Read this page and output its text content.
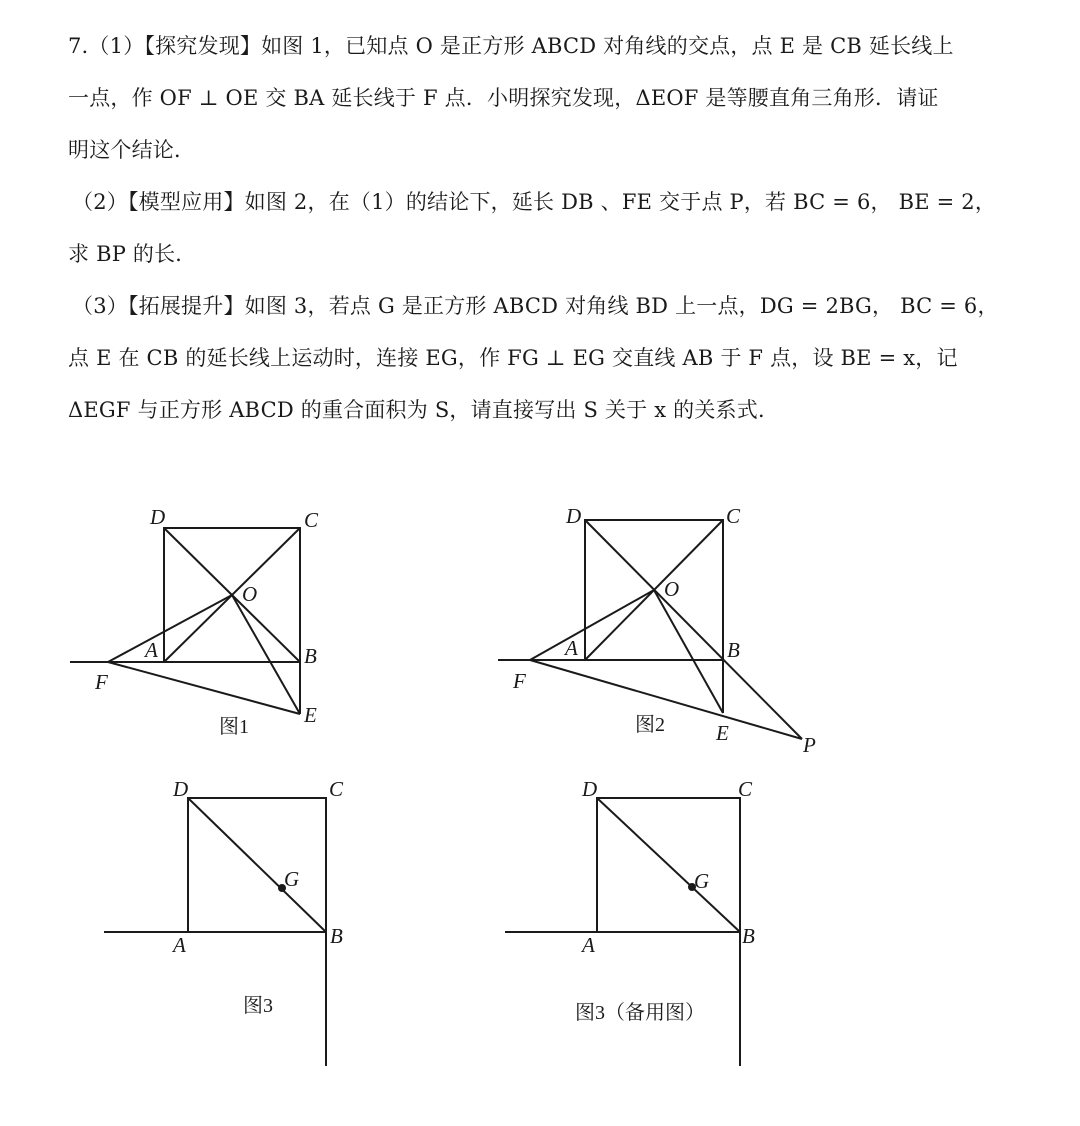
7.（1）【探究发现】如图 1，已知点 O 是正方形 ABCD 对角线的交点，点 E 是 CB 延长线上
一点，作 OF ⊥ OE 交 BA 延长线于 F 点．小明探究发现，ΔEOF 是等腰直角三角形．请证
明这个结论．
（2）【模型应用】如图 2，在（1）的结论下，延长 DB 、FE 交于点 P，若 BC = 6， BE = 2，
求 BP 的长．
（3）【拓展提升】如图 3，若点 G 是正方形 ABCD 对角线 BD 上一点，DG = 2BG， BC = 6，
点 E 在 CB 的延长线上运动时，连接 EG，作 FG ⊥ EG 交直线 AB 于 F 点，设 BE = x，记
ΔEGF 与正方形 ABCD 的重合面积为 S，请直接写出 S 关于 x 的关系式．
D	C
O
A	B
F
E
图1
D	C
O
A	B
F
E	P
图2
D	C
G
A	B
图3
D	C
G
A	B
图3（备用图）
